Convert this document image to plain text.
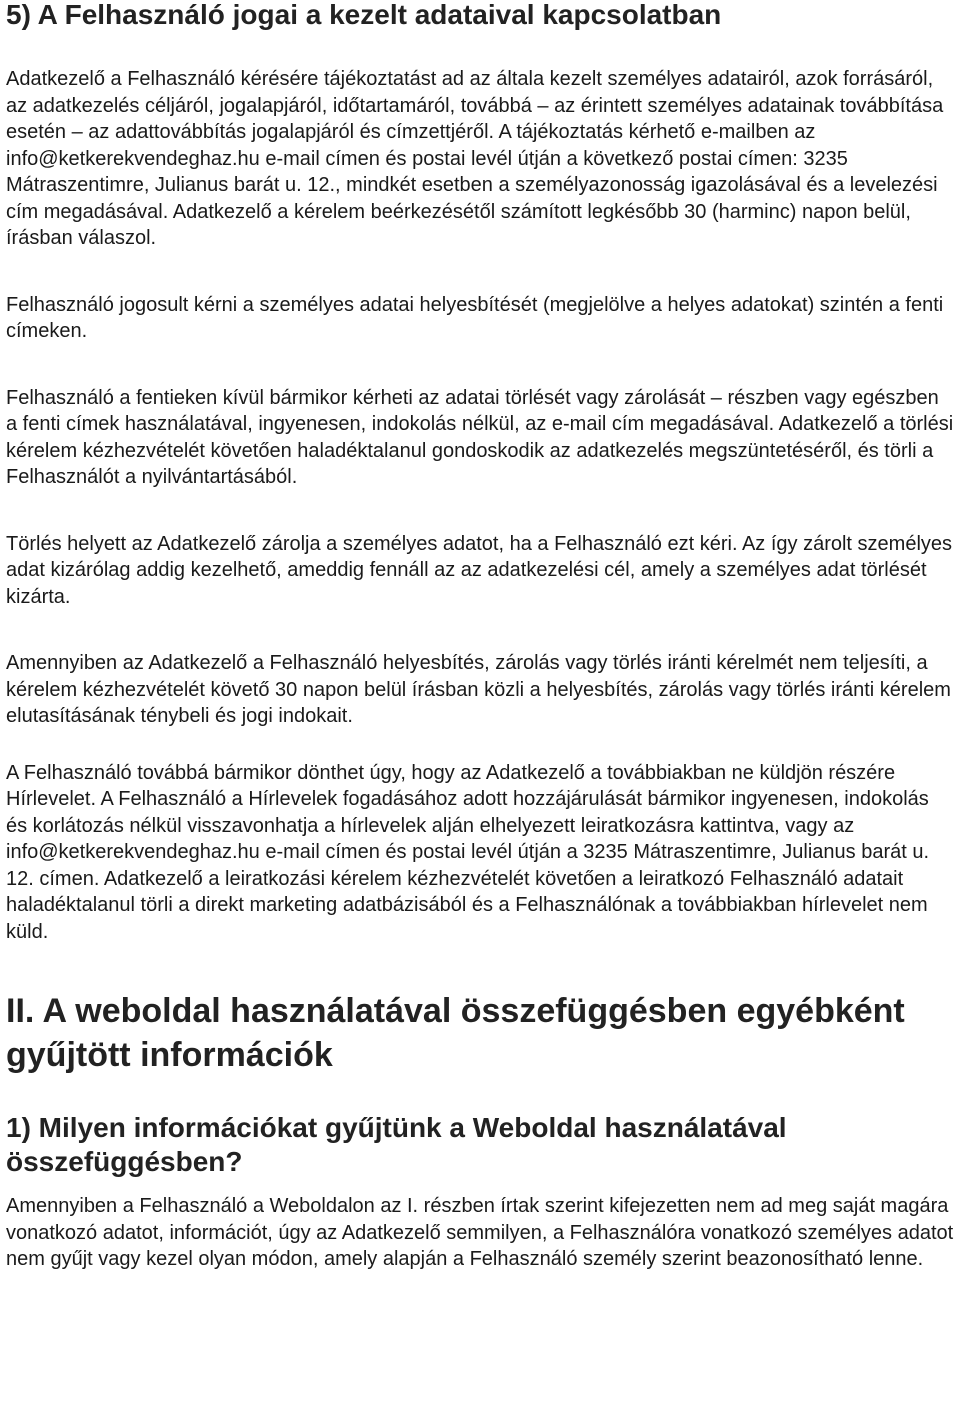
5) A Felhasználó jogai a kezelt adataival kapcsolatban

Adatkezelő a Felhasználó kérésére tájékoztatást ad az általa kezelt személyes adatairól, azok forrásáról, az adatkezelés céljáról, jogalapjáról, időtartamáról, továbbá – az érintett személyes adatainak továbbítása esetén – az adattovábbítás jogalapjáról és címzettjéről. A tájékoztatás kérhető e-mailben az info@ketkerekvendeghaz.hu e-mail címen és postai levél útján a következő postai címen: 3235 Mátraszentimre, Julianus barát u. 12., mindkét esetben a személyazonosság igazolásával és a levelezési cím megadásával. Adatkezelő a kérelem beérkezésétől számított legkésőbb 30 (harminc) napon belül, írásban válaszol.

Felhasználó jogosult kérni a személyes adatai helyesbítését (megjelölve a helyes adatokat) szintén a fenti címeken.

Felhasználó a fentieken kívül bármikor kérheti az adatai törlését vagy zárolását – részben vagy egészben a fenti címek használatával, ingyenesen, indokolás nélkül, az e-mail cím megadásával. Adatkezelő a törlési kérelem kézhezvételét követően haladéktalanul gondoskodik az adatkezelés megszüntetéséről, és törli a Felhasználót a nyilvántartásából.

Törlés helyett az Adatkezelő zárolja a személyes adatot, ha a Felhasználó ezt kéri. Az így zárolt személyes adat kizárólag addig kezelhető, ameddig fennáll az az adatkezelési cél, amely a személyes adat törlését kizárta.

Amennyiben az Adatkezelő a Felhasználó helyesbítés, zárolás vagy törlés iránti kérelmét nem teljesíti, a kérelem kézhezvételét követő 30 napon belül írásban közli a helyesbítés, zárolás vagy törlés iránti kérelem elutasításának ténybeli és jogi indokait.

A Felhasználó továbbá bármikor dönthet úgy, hogy az Adatkezelő a továbbiakban ne küldjön részére Hírlevelet. A Felhasználó a Hírlevelek fogadásához adott hozzájárulását bármikor ingyenesen, indokolás és korlátozás nélkül visszavonhatja a hírlevelek alján elhelyezett leiratkozásra kattintva, vagy az info@ketkerekvendeghaz.hu e-mail címen és postai levél útján a 3235 Mátraszentimre, Julianus barát u. 12. címen. Adatkezelő a leiratkozási kérelem kézhezvételét követően a leiratkozó Felhasználó adatait haladéktalanul törli a direkt marketing adatbázisából és a Felhasználónak a továbbiakban hírlevelet nem küld.

II. A weboldal használatával összefüggésben egyébként gyűjtött információk
1) Milyen információkat gyűjtünk a Weboldal használatával összefüggésben?

Amennyiben a Felhasználó a Weboldalon az I. részben írtak szerint kifejezetten nem ad meg saját magára vonatkozó adatot, információt, úgy az Adatkezelő semmilyen, a Felhasználóra vonatkozó személyes adatot nem gyűjt vagy kezel olyan módon, amely alapján a Felhasználó személy szerint beazonosítható lenne.
